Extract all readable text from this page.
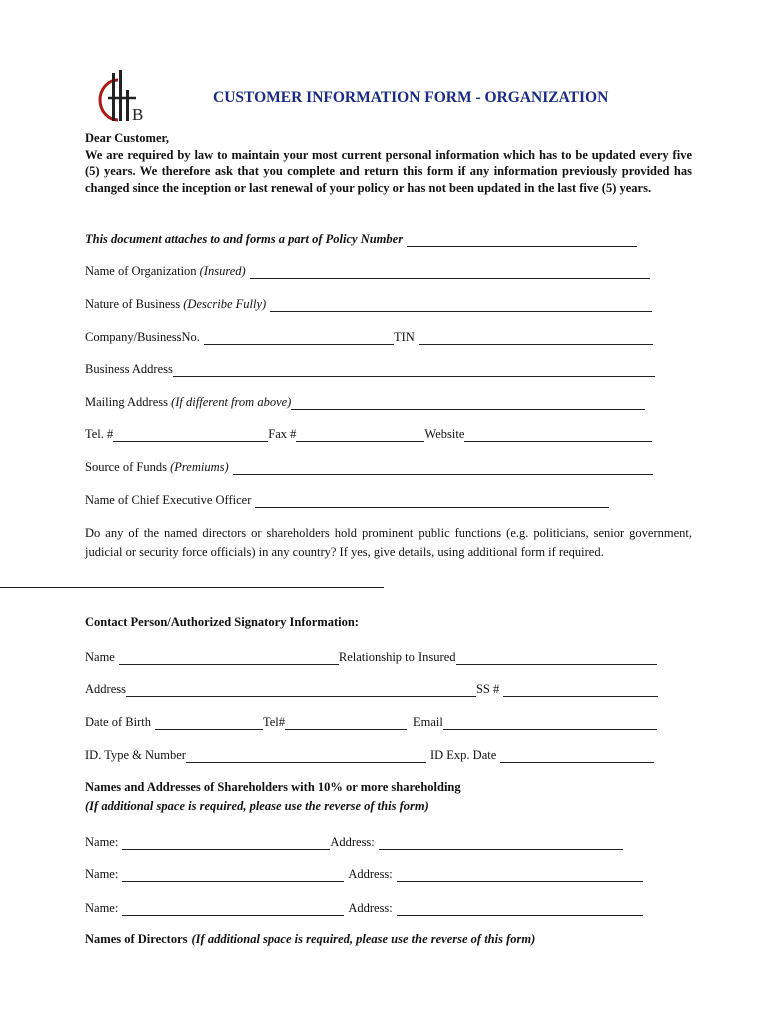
B
CUSTOMER INFORMATION FORM - ORGANIZATION
Dear Customer,
We are required by law to maintain your most current personal information which has to be updated every five (5) years. We therefore ask that you complete and return this form if any information previously provided has changed since the inception or last renewal of your policy or has not been updated in the last five (5) years.
This document attaches to and forms a part of Policy Number
Name of Organization (Insured)
Nature of Business (Describe Fully)
Company/BusinessNo.	TIN
Business Address
Mailing Address (If different from above)
Tel. #	Fax #	Website
Source of Funds (Premiums)
Name of Chief Executive Officer
Do any of the named directors or shareholders hold prominent public functions (e.g. politicians, senior government, judicial or security force officials) in any country? If yes, give details, using additional form if required.
Contact Person/Authorized Signatory Information:
Name	Relationship to Insured
Address	SS #
Date of Birth	Tel#	Email
ID. Type & Number	ID Exp. Date
Names and Addresses of Shareholders with 10% or more shareholding
(If additional space is required, please use the reverse of this form)
Name:	Address:
Name:	Address:
Name:	Address:
Names of Directors (If additional space is required, please use the reverse of this form)
